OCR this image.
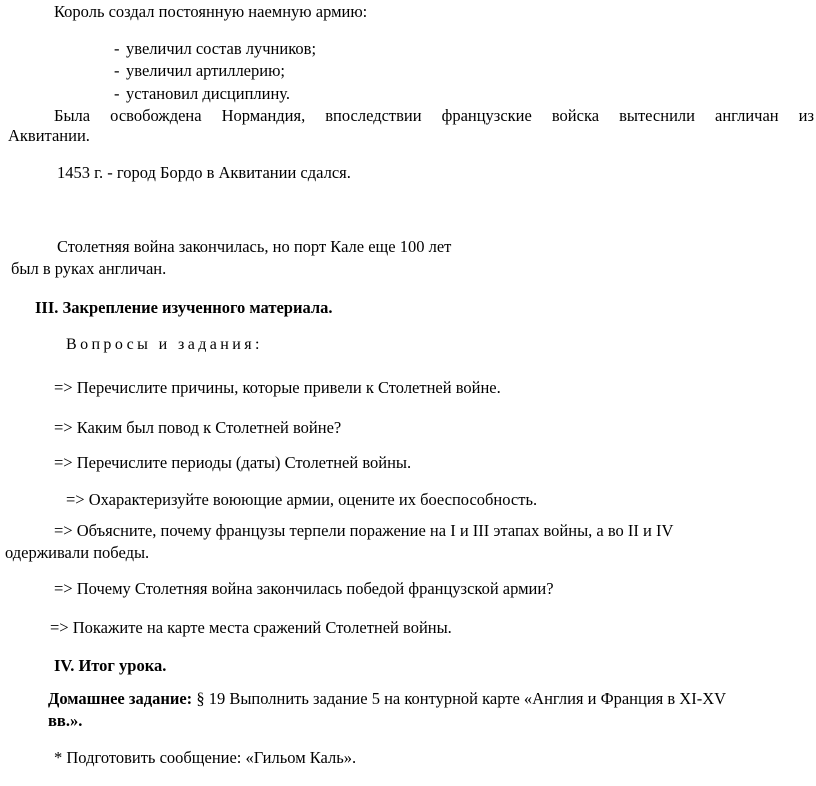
Король создал постоянную наемную армию:
- увеличил состав лучников;
- увеличил артиллерию;
- установил дисциплину.
Была освобождена Нормандия, впоследствии французские войска вытеснили англичан из
Аквитании.
1453 г. - город Бордо в Аквитании сдался.
Столетняя война закончилась, но порт Кале еще 100 лет
был в руках англичан.
III. Закрепление изученного материала.
Вопросы и задания:
=> Перечислите причины, которые привели к Столетней войне.
=> Каким был повод к Столетней войне?
=> Перечислите периоды (даты) Столетней войны.
=> Охарактеризуйте воюющие армии, оцените их боеспособность.
=> Объясните, почему французы терпели поражение на I и III этапах войны, а во II и IV
одерживали победы.
=> Почему Столетняя война закончилась победой французской армии?
=> Покажите на карте места сражений Столетней войны.
IV. Итог урока.
Домашнее задание: § 19 Выполнить задание 5 на контурной карте «Англия и Франция в XI-XV
вв.».
* Подготовить сообщение: «Гильом Каль».
